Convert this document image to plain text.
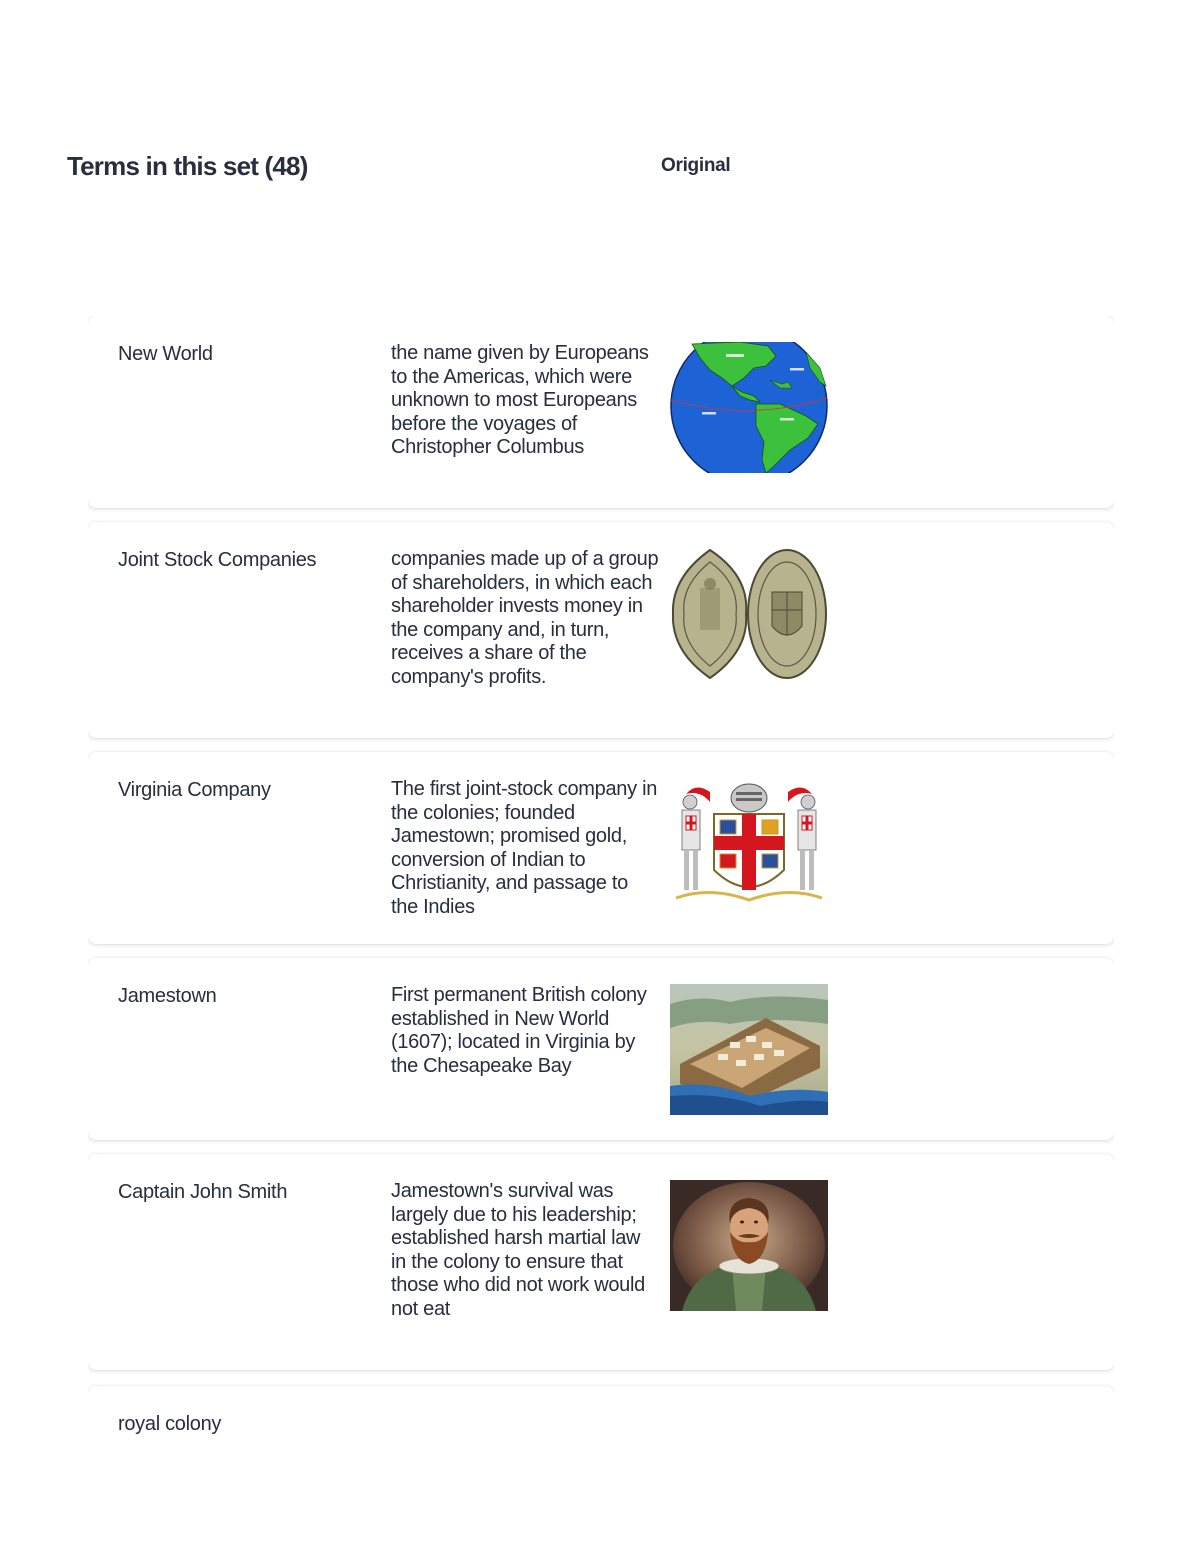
Terms in this set (48)	Original
New World	the name given by Europeans to the Americas, which were unknown to most Europeans before the voyages of Christopher Columbus
Joint Stock Companies	companies made up of a group of shareholders, in which each shareholder invests money in the company and, in turn, receives a share of the company's profits.
Virginia Company	The first joint-stock company in the colonies; founded Jamestown; promised gold, conversion of Indian to Christianity, and passage to the Indies
Jamestown	First permanent British colony established in New World (1607); located in Virginia by the Chesapeake Bay
Captain John Smith	Jamestown's survival was largely due to his leadership; established harsh martial law in the colony to ensure that those who did not work would not eat
royal colony
